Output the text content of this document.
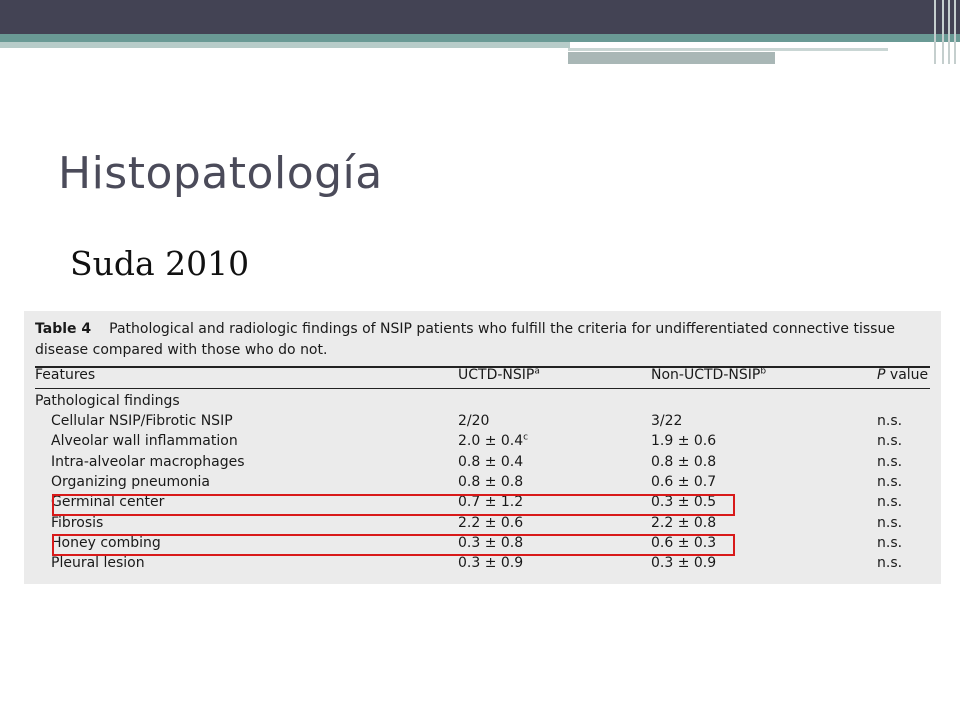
Histopatología
Suda 2010
Table 4 Pathological and radiologic findings of NSIP patients who fulfill the criteria for undifferentiated connective tissue disease compared with those who do not.
Features	UCTD-NSIP$^a$	Non-UCTD-NSIP$^b$	P value
Pathological findings
Cellular NSIP/Fibrotic NSIP	2/20	3/22	n.s.
Alveolar wall inflammation	2.0 ± 0.4$^c$	1.9 ± 0.6	n.s.
Intra-alveolar macrophages	0.8 ± 0.4	0.8 ± 0.8	n.s.
Organizing pneumonia	0.8 ± 0.8	0.6 ± 0.7	n.s.
Germinal center	0.7 ± 1.2	0.3 ± 0.5	n.s.
Fibrosis	2.2 ± 0.6	2.2 ± 0.8	n.s.
Honey combing	0.3 ± 0.8	0.6 ± 0.3	n.s.
Pleural lesion	0.3 ± 0.9	0.3 ± 0.9	n.s.
